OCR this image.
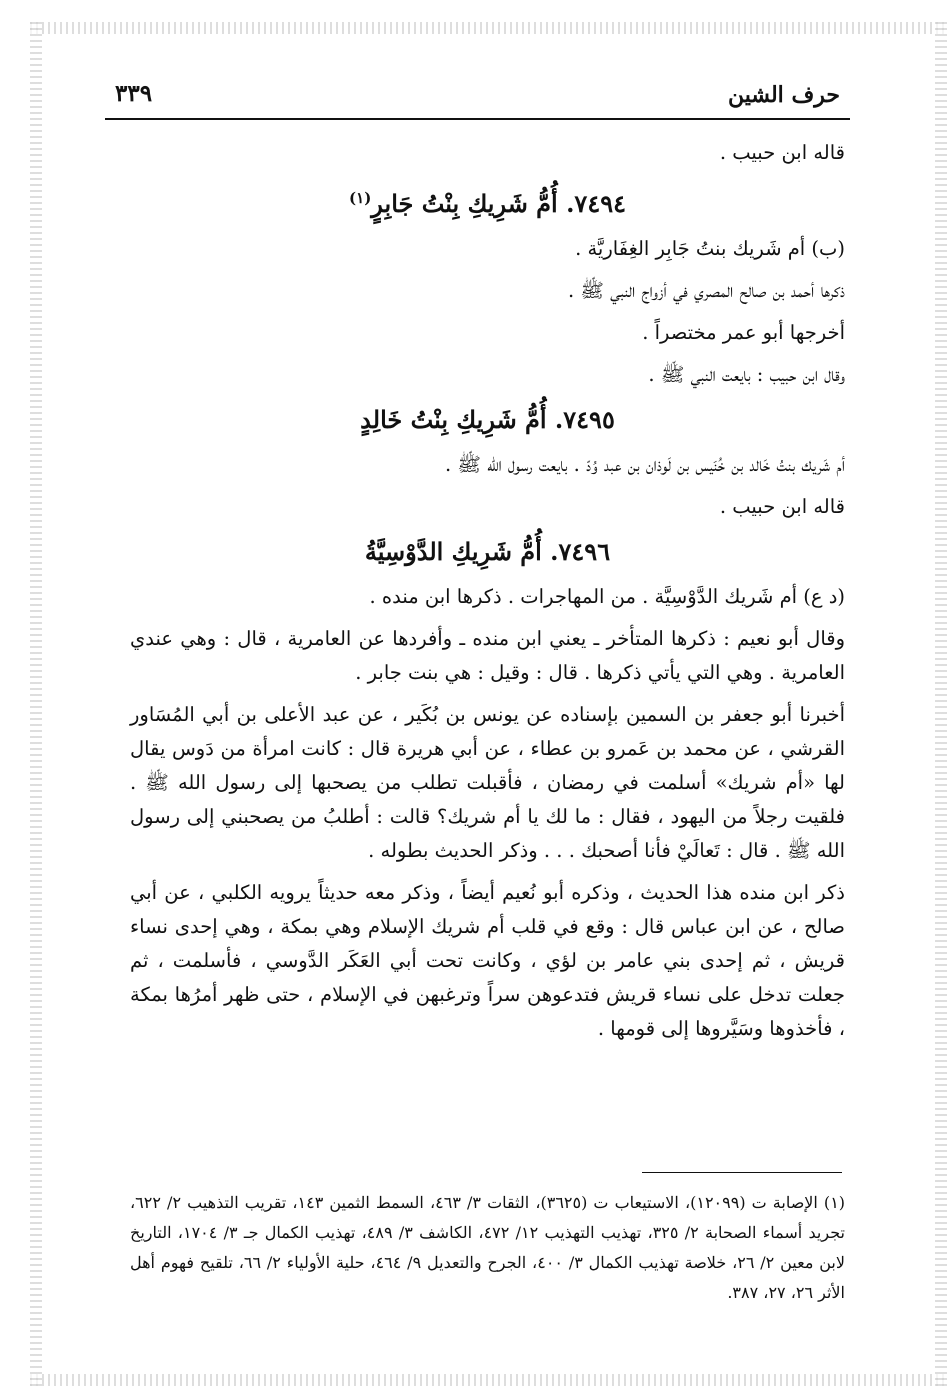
٣٣٩	حرف الشين

قاله ابن حبيب .

٧٤٩٤. أُمُّ شَرِيكِ بِنْتُ جَابِرٍ$^{(١)}$

(ب) أم شَريك بنتُ جَابِر الغِفَاريَّة .

ذكرها أحمد بن صالح المصري في أزواج النبي ﷺ .

أخرجها أبو عمر مختصراً .

وقال ابن حبيب : بايعت النبي ﷺ .

٧٤٩٥. أُمُّ شَرِيكِ بِنْتُ خَالِدٍ

أم شَريك بنتُ خَالد بن خُنَيس بن لَوذان بن عبد وُدّ . بايعت رسول الله ﷺ .

قاله ابن حبيب .

٧٤٩٦. أُمُّ شَرِيكِ الدَّوْسِيَّةُ

(د ع) أم شَريك الدَّوْسِيَّة . من المهاجرات . ذكرها ابن منده .

وقال أبو نعيم : ذكرها المتأخر ـ يعني ابن منده ـ وأفردها عن العامرية ، قال : وهي عندي العامرية . وهي التي يأتي ذكرها . قال : وقيل : هي بنت جابر .

أخبرنا أبو جعفر بن السمين بإسناده عن يونس بن بُكَير ، عن عبد الأعلى بن أبي المُسَاور القرشي ، عن محمد بن عَمرو بن عطاء ، عن أبي هريرة قال : كانت امرأة من دَوس يقال لها «أم شريك» أسلمت في رمضان ، فأقبلت تطلب من يصحبها إلى رسول الله ﷺ . فلقيت رجلاً من اليهود ، فقال : ما لك يا أم شريك؟ قالت : أطلبُ من يصحبني إلى رسول الله ﷺ . قال : تَعالَيْ فأنا أصحبك . . . وذكر الحديث بطوله .

ذكر ابن منده هذا الحديث ، وذكره أبو نُعيم أيضاً ، وذكر معه حديثاً يرويه الكلبي ، عن أبي صالح ، عن ابن عباس قال : وقع في قلب أم شريك الإسلام وهي بمكة ، وهي إحدى نساء قريش ، ثم إحدى بني عامر بن لؤي ، وكانت تحت أبي العَكَر الدَّوسي ، فأسلمت ، ثم جعلت تدخل على نساء قريش فتدعوهن سراً وترغبهن في الإسلام ، حتى ظهر أمرُها بمكة ، فأخذوها وسَيَّروها إلى قومها .

(١) الإصابة ت (١٢٠٩٩)، الاستيعاب ت (٣٦٢٥)، الثقات ٣/ ٤٦٣، السمط الثمين ١٤٣، تقريب التذهيب ٢/ ٦٢٢، تجريد أسماء الصحابة ٢/ ٣٢٥، تهذيب التهذيب ١٢/ ٤٧٢، الكاشف ٣/ ٤٨٩، تهذيب الكمال جـ ٣/ ١٧٠٤، التاريخ لابن معين ٢/ ٢٦، خلاصة تهذيب الكمال ٣/ ٤٠٠، الجرح والتعديل ٩/ ٤٦٤، حلية الأولياء ٢/ ٦٦، تلقيح فهوم أهل الأثر ٢٦، ٢٧، ٣٨٧.
